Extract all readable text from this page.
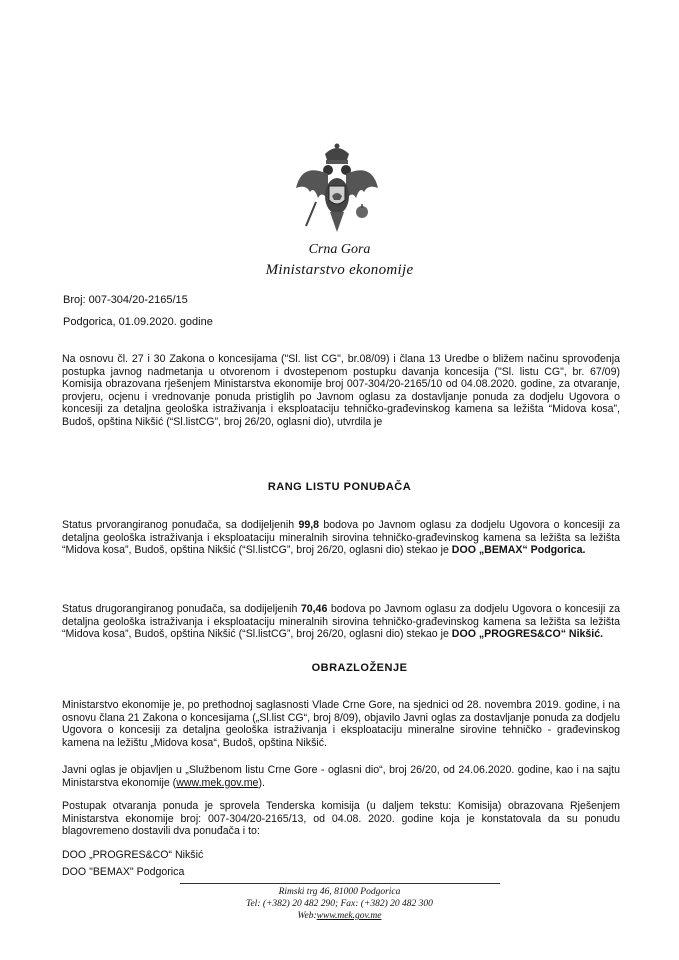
Crna Gora
Ministarstvo ekonomije
Broj: 007-304/20-2165/15
Podgorica, 01.09.2020. godine

Na osnovu čl. 27 i 30 Zakona o koncesijama ("Sl. list CG", br.08/09) i člana 13 Uredbe o bližem načinu sprovođenja postupka javnog nadmetanja u otvorenom i dvostepenom postupku davanja koncesija ("Sl. listu CG", br. 67/09) Komisija obrazovana rješenjem Ministarstva ekonomije broj 007-304/20-2165/10 od 04.08.2020. godine, za otvaranje, provjeru, ocjenu i vrednovanje ponuda pristiglih po Javnom oglasu za dostavljanje ponuda za dodjelu Ugovora o koncesiji za detaljna geološka istraživanja i eksploataciju tehničko-građevinskog kamena sa ležišta “Midova kosa”, Budoš, opština Nikšić (“Sl.listCG”, broj 26/20, oglasni dio), utvrdila je

RANG LISTU PONUĐAČA

Status prvorangiranog ponuđača, sa dodijeljenih 99,8 bodova po Javnom oglasu za dodjelu Ugovora o koncesiji za detaljna geološka istraživanja i eksploataciju mineralnih sirovina tehničko-građevinskog kamena sa ležišta sa ležišta “Midova kosa”, Budoš, opština Nikšić (“Sl.listCG”, broj 26/20, oglasni dio) stekao je DOO „BEMAX“ Podgorica.

Status drugorangiranog ponuđača, sa dodijeljenih 70,46 bodova po Javnom oglasu za dodjelu Ugovora o koncesiji za detaljna geološka istraživanja i eksploataciju mineralnih sirovina tehničko-građevinskog kamena sa ležišta sa ležišta “Midova kosa”, Budoš, opština Nikšić (“Sl.listCG”, broj 26/20, oglasni dio) stekao je DOO „PROGRES&CO“ Nikšić.

OBRAZLOŽENJE

Ministarstvo ekonomije je, po prethodnoj saglasnosti Vlade Crne Gore, na sjednici od 28. novembra 2019. godine, i na osnovu člana 21 Zakona o koncesijama („Sl.list CG“, broj 8/09), objavilo Javni oglas za dostavljanje ponuda za dodjelu Ugovora o koncesiji za detaljna geološka istraživanja i eksploataciju mineralne sirovine tehničko - građevinskog kamena na ležištu „Midova kosa“, Budoš, opština Nikšić.

Javni oglas je objavljen u „Službenom listu Crne Gore - oglasni dio“, broj 26/20, od 24.06.2020. godine, kao i na sajtu Ministarstva ekonomije (www.mek.gov.me).

Postupak otvaranja ponuda je sprovela Tenderska komisija (u daljem tekstu: Komisija) obrazovana Rješenjem Ministarstva ekonomije broj: 007-304/20-2165/13, od 04.08. 2020. godine koja je konstatovala da su ponudu blagovremeno dostavili dva ponuđača i to:

DOO „PROGRES&CO“ Nikšić
DOO "BEMAX" Podgorica
Rimski trg 46, 81000 Podgorica
Tel: (+382) 20 482 290; Fax: (+382) 20 482 300
Web:www.mek.gov.me
